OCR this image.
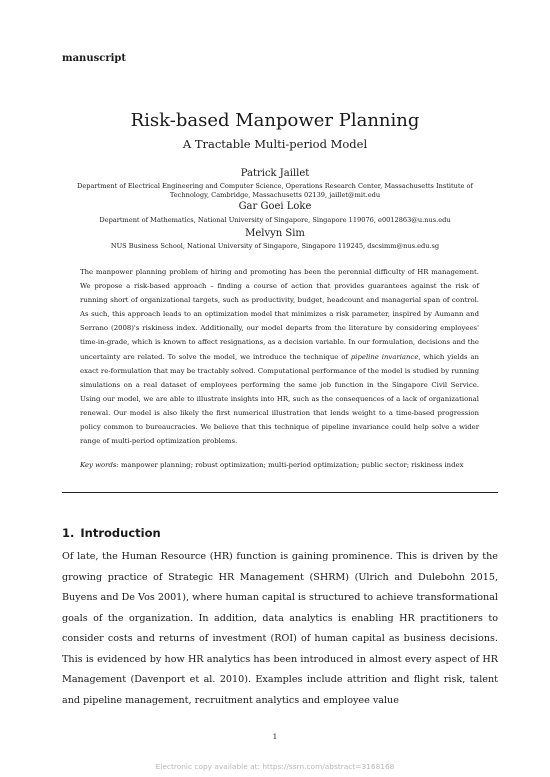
manuscript
Risk-based Manpower Planning
A Tractable Multi-period Model
Patrick Jaillet
Department of Electrical Engineering and Computer Science, Operations Research Center, Massachusetts Institute of Technology, Cambridge, Massachusetts 02139, jaillet@mit.edu
Gar Goei Loke
Department of Mathematics, National University of Singapore, Singapore 119076, e0012863@u.nus.edu
Melvyn Sim
NUS Business School, National University of Singapore, Singapore 119245, dscsimm@nus.edu.sg

The manpower planning problem of hiring and promoting has been the perennial difficulty of HR management. We propose a risk-based approach – finding a course of action that provides guarantees against the risk of running short of organizational targets, such as productivity, budget, headcount and managerial span of control. As such, this approach leads to an optimization model that minimizes a risk parameter, inspired by Aumann and Serrano (2008)'s riskiness index. Additionally, our model departs from the literature by considering employees' time-in-grade, which is known to affect resignations, as a decision variable. In our formulation, decisions and the uncertainty are related. To solve the model, we introduce the technique of pipeline invariance, which yields an exact re-formulation that may be tractably solved. Computational performance of the model is studied by running simulations on a real dataset of employees performing the same job function in the Singapore Civil Service. Using our model, we are able to illustrate insights into HR, such as the consequences of a lack of organizational renewal. Our model is also likely the first numerical illustration that lends weight to a time-based progression policy common to bureaucracies. We believe that this technique of pipeline invariance could help solve a wider range of multi-period optimization problems.

Key words: manpower planning; robust optimization; multi-period optimization; public sector; riskiness index

1. Introduction

Of late, the Human Resource (HR) function is gaining prominence. This is driven by the growing practice of Strategic HR Management (SHRM) (Ulrich and Dulebohn 2015, Buyens and De Vos 2001), where human capital is structured to achieve transformational goals of the organization. In addition, data analytics is enabling HR practitioners to consider costs and returns of investment (ROI) of human capital as business decisions. This is evidenced by how HR analytics has been introduced in almost every aspect of HR Management (Davenport et al. 2010). Examples include attrition and flight risk, talent and pipeline management, recruitment analytics and employee value

1
Electronic copy available at: https://ssrn.com/abstract=3168168
